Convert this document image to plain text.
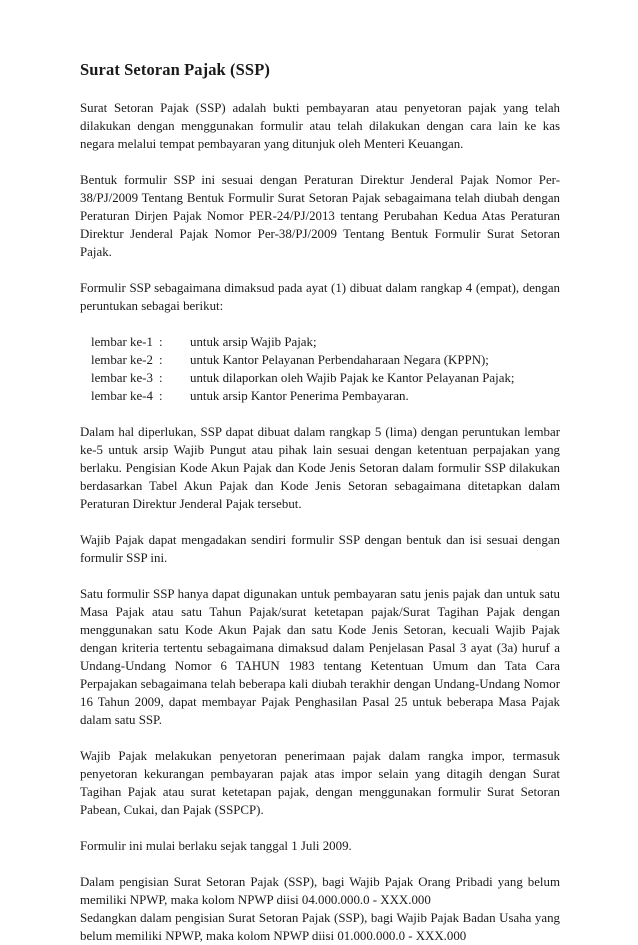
Surat Setoran Pajak (SSP)

Surat Setoran Pajak (SSP) adalah bukti pembayaran atau penyetoran pajak yang telah dilakukan dengan menggunakan formulir atau telah dilakukan dengan cara lain ke kas negara melalui tempat pembayaran yang ditunjuk oleh Menteri Keuangan.

Bentuk formulir SSP ini sesuai dengan Peraturan Direktur Jenderal Pajak Nomor Per-38/PJ/2009 Tentang Bentuk Formulir Surat Setoran Pajak sebagaimana telah diubah dengan Peraturan Dirjen Pajak Nomor PER-24/PJ/2013 tentang Perubahan Kedua Atas Peraturan Direktur Jenderal Pajak Nomor Per-38/PJ/2009 Tentang Bentuk Formulir Surat Setoran Pajak.

Formulir SSP sebagaimana dimaksud pada ayat (1) dibuat dalam rangkap 4 (empat), dengan peruntukan sebagai berikut:

lembar ke-1 :	untuk arsip Wajib Pajak;
lembar ke-2 :	untuk Kantor Pelayanan Perbendaharaan Negara (KPPN);
lembar ke-3 :	untuk dilaporkan oleh Wajib Pajak ke Kantor Pelayanan Pajak;
lembar ke-4 :	untuk arsip Kantor Penerima Pembayaran.

Dalam hal diperlukan, SSP dapat dibuat dalam rangkap 5 (lima) dengan peruntukan lembar ke-5 untuk arsip Wajib Pungut atau pihak lain sesuai dengan ketentuan perpajakan yang berlaku. Pengisian Kode Akun Pajak dan Kode Jenis Setoran dalam formulir SSP dilakukan berdasarkan Tabel Akun Pajak dan Kode Jenis Setoran sebagaimana ditetapkan dalam Peraturan Direktur Jenderal Pajak tersebut.

Wajib Pajak dapat mengadakan sendiri formulir SSP dengan bentuk dan isi sesuai dengan formulir SSP ini.

Satu formulir SSP hanya dapat digunakan untuk pembayaran satu jenis pajak dan untuk satu Masa Pajak atau satu Tahun Pajak/surat ketetapan pajak/Surat Tagihan Pajak dengan menggunakan satu Kode Akun Pajak dan satu Kode Jenis Setoran, kecuali Wajib Pajak dengan kriteria tertentu sebagaimana dimaksud dalam Penjelasan Pasal 3 ayat (3a) huruf a Undang-Undang Nomor 6 TAHUN 1983 tentang Ketentuan Umum dan Tata Cara Perpajakan sebagaimana telah beberapa kali diubah terakhir dengan Undang-Undang Nomor 16 Tahun 2009, dapat membayar Pajak Penghasilan Pasal 25 untuk beberapa Masa Pajak dalam satu SSP.

Wajib Pajak melakukan penyetoran penerimaan pajak dalam rangka impor, termasuk penyetoran kekurangan pembayaran pajak atas impor selain yang ditagih dengan Surat Tagihan Pajak atau surat ketetapan pajak, dengan menggunakan formulir Surat Setoran Pabean, Cukai, dan Pajak (SSPCP).

Formulir ini mulai berlaku sejak tanggal 1 Juli 2009.

Dalam pengisian Surat Setoran Pajak (SSP), bagi Wajib Pajak Orang Pribadi yang belum memiliki NPWP, maka kolom NPWP diisi 04.000.000.0 - XXX.000

Sedangkan dalam pengisian Surat Setoran Pajak (SSP), bagi Wajib Pajak Badan Usaha yang belum memiliki NPWP, maka kolom NPWP diisi 01.000.000.0 - XXX.000
